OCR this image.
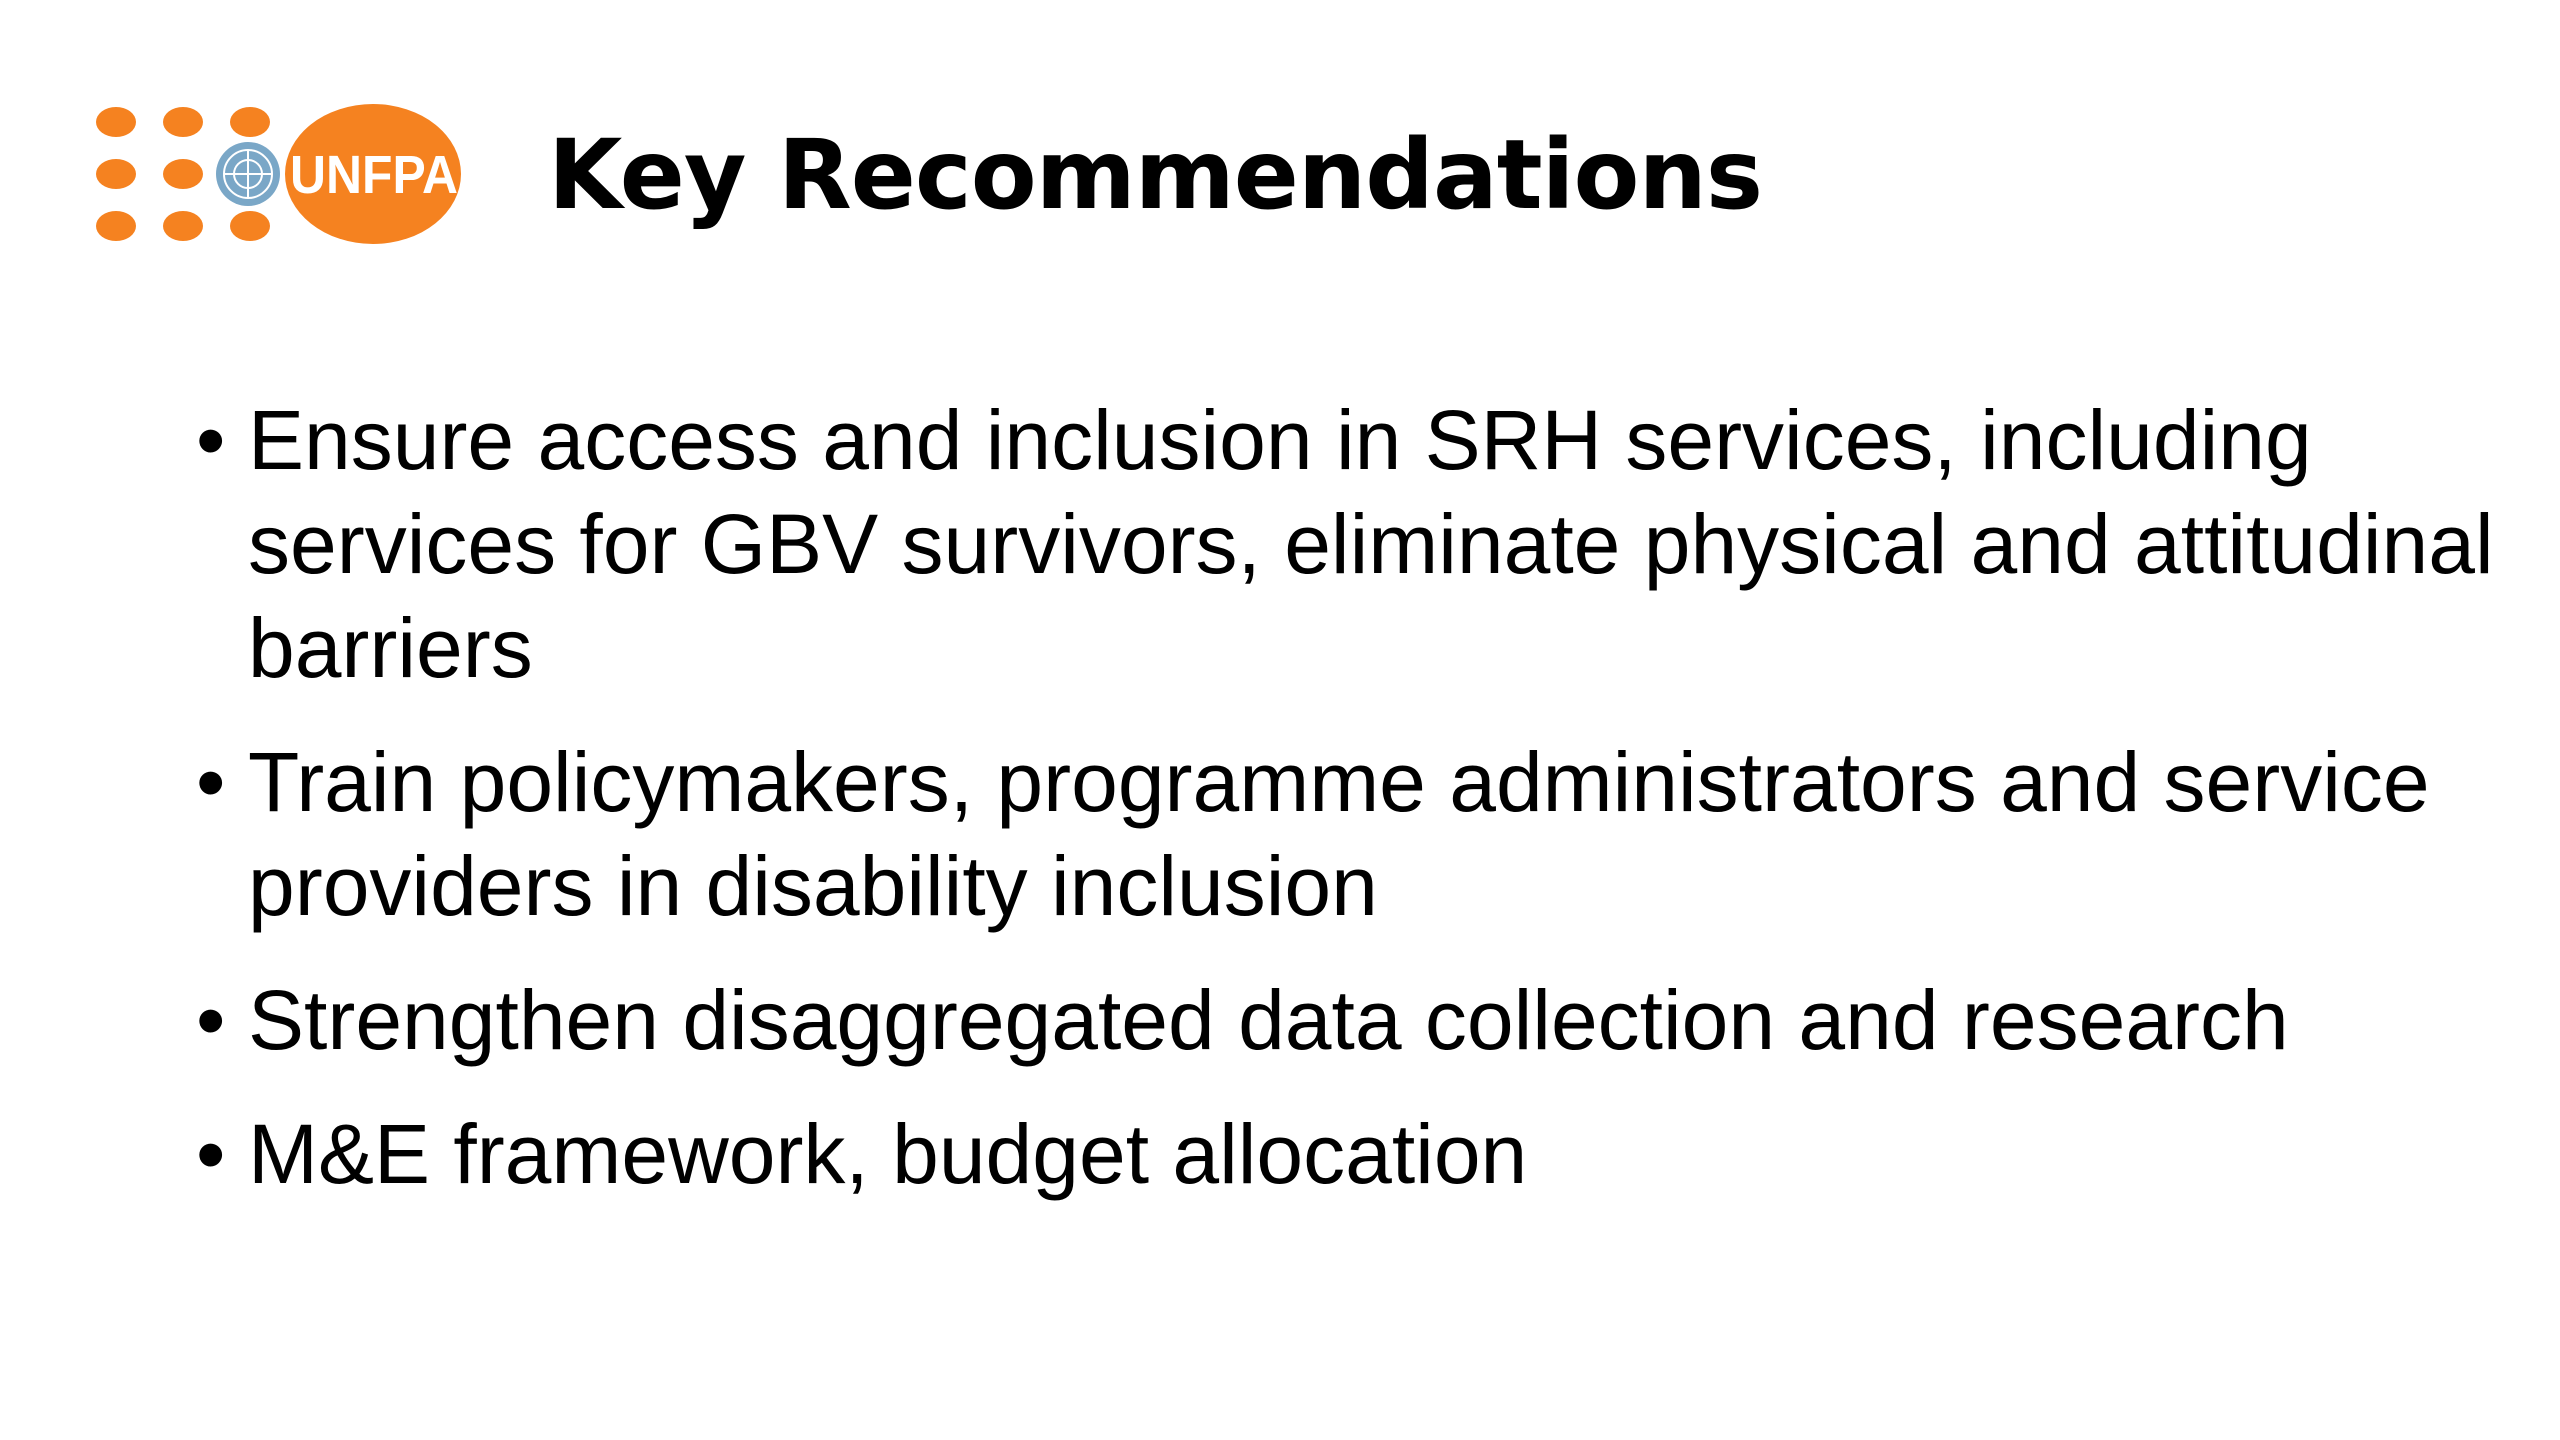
UNFPA Key Recommendations
• Ensure access and inclusion in SRH services, including services for GBV survivors, eliminate physical and attitudinal barriers
• Train policymakers, programme administrators and service providers in disability inclusion
• Strengthen disaggregated data collection and research
• M&E framework, budget allocation
